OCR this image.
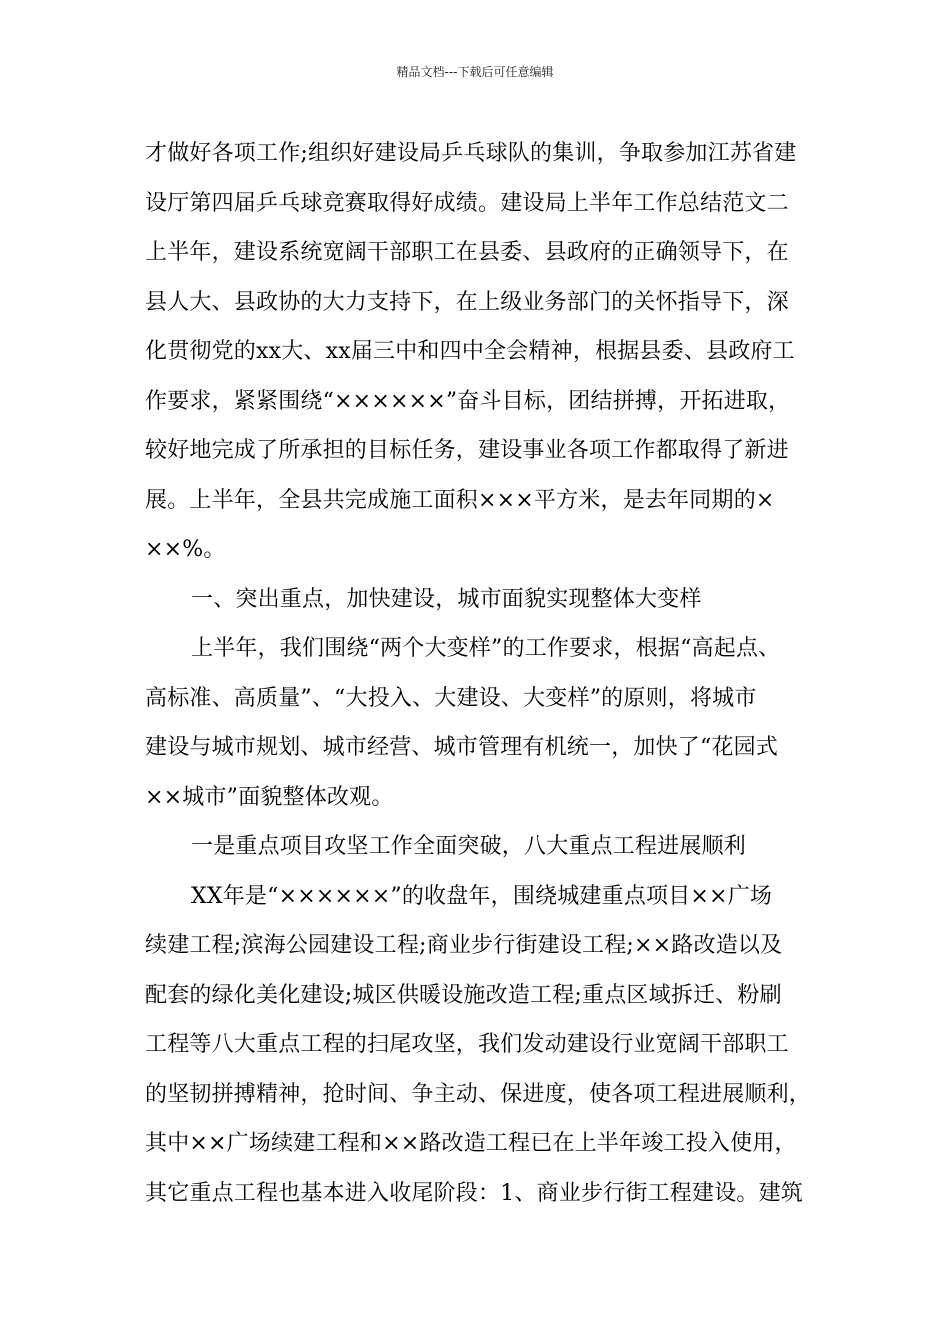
精品文档---下载后可任意编辑
才做好各项工作;组织好建设局乒乓球队的集训，争取参加江苏省建
设厅第四届乒乓球竞赛取得好成绩。建设局上半年工作总结范文二
上半年，建设系统宽阔干部职工在县委、县政府的正确领导下，在
县人大、县政协的大力支持下，在上级业务部门的关怀指导下，深
化贯彻党的xx大、xx届三中和四中全会精神，根据县委、县政府工
作要求，紧紧围绕“××××××”奋斗目标，团结拼搏，开拓进取，
较好地完成了所承担的目标任务，建设事业各项工作都取得了新进
展。上半年，全县共完成施工面积×××平方米，是去年同期的×
××%。
一、突出重点，加快建设，城市面貌实现整体大变样
上半年，我们围绕“两个大变样”的工作要求，根据“高起点、
高标准、高质量”、“大投入、大建设、大变样”的原则，将城市
建设与城市规划、城市经营、城市管理有机统一，加快了“花园式
××城市”面貌整体改观。
一是重点项目攻坚工作全面突破，八大重点工程进展顺利
XX年是“××××××”的收盘年，围绕城建重点项目××广场
续建工程;滨海公园建设工程;商业步行街建设工程;××路改造以及
配套的绿化美化建设;城区供暖设施改造工程;重点区域拆迁、粉刷
工程等八大重点工程的扫尾攻坚，我们发动建设行业宽阔干部职工
的坚韧拼搏精神，抢时间、争主动、保进度，使各项工程进展顺利，
其中××广场续建工程和××路改造工程已在上半年竣工投入使用，
其它重点工程也基本进入收尾阶段：1、商业步行街工程建设。建筑
